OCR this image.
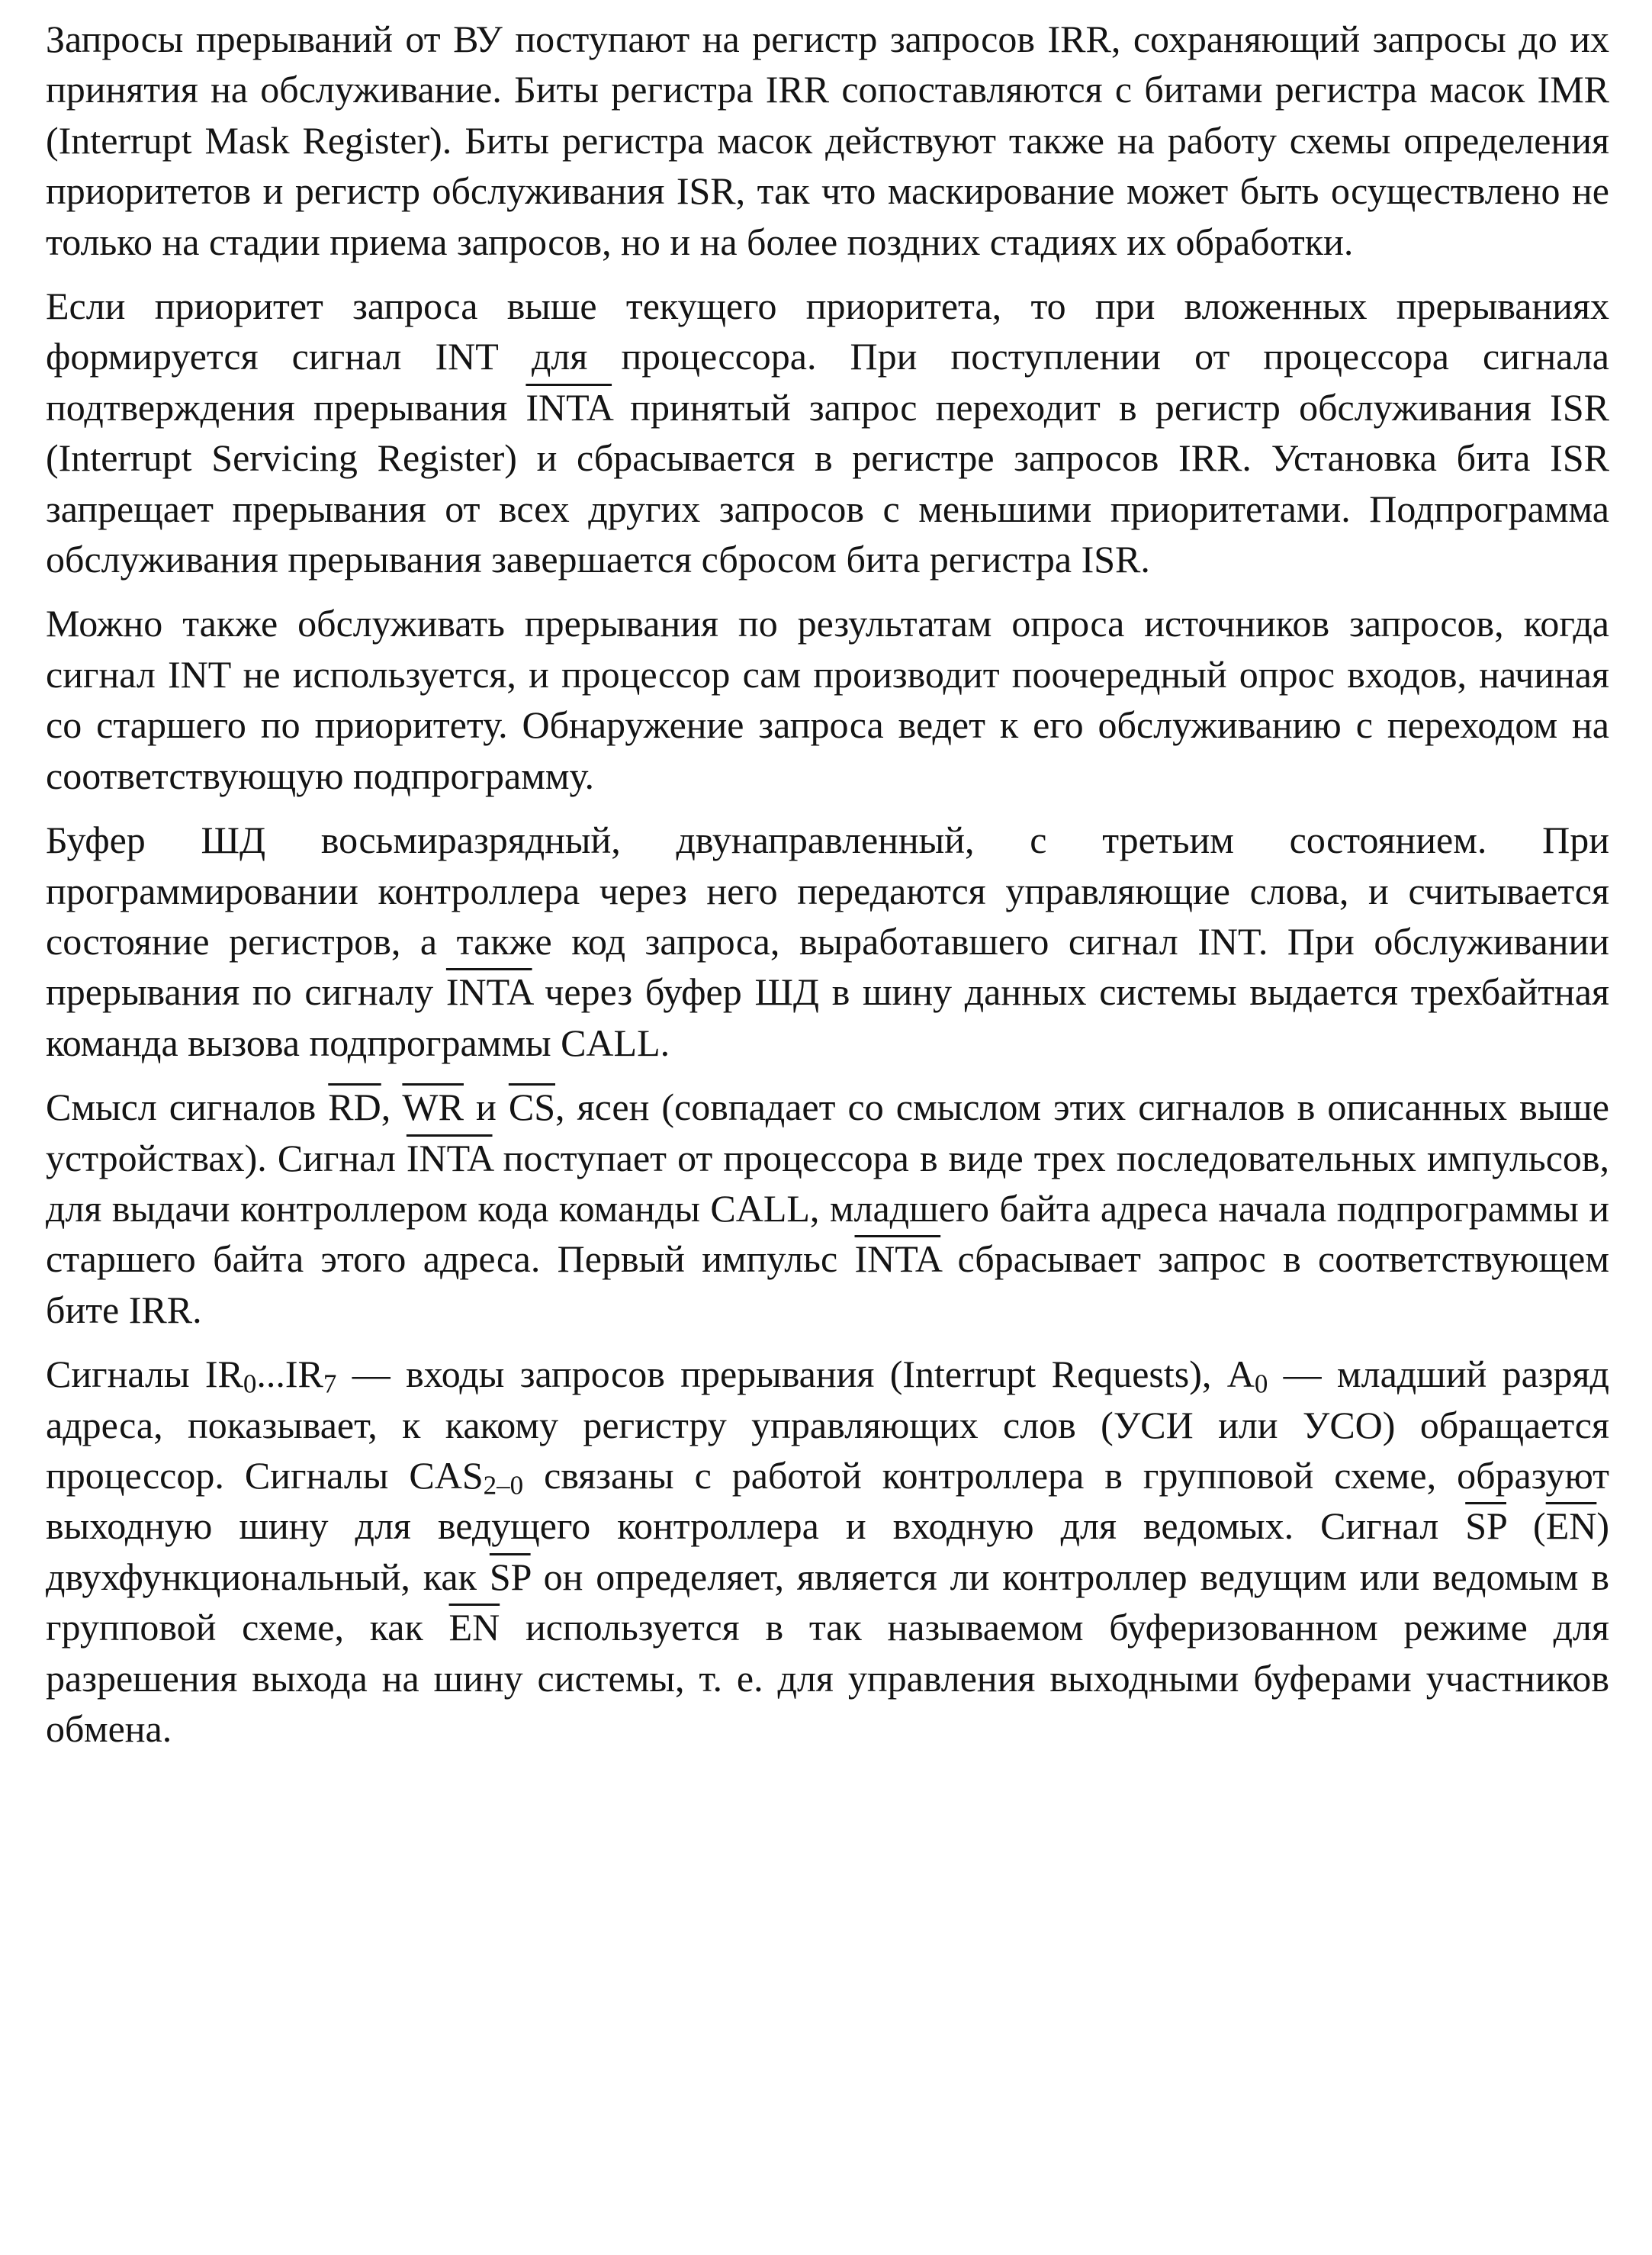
Запросы прерываний от ВУ поступают на регистр запросов IRR, сохраняющий запросы до их принятия на обслуживание. Биты регистра IRR сопоставляются с битами регистра масок IMR (Interrupt Mask Register). Биты регистра масок действуют также на работу схемы определения приоритетов и регистр обслуживания ISR, так что маскирование может быть осуществлено не только на стадии приема запросов, но и на более поздних стадиях их обработки.

Если приоритет запроса выше текущего приоритета, то при вложенных прерываниях формируется сигнал INT для процессора. При поступлении от процессора сигнала подтверждения прерывания INTA принятый запрос переходит в регистр обслуживания ISR (Interrupt Servicing Register) и сбрасывается в регистре запросов IRR. Установка бита ISR запрещает прерывания от всех других запросов с меньшими приоритетами. Подпрограмма обслуживания прерывания завершается сбросом бита регистра ISR.

Можно также обслуживать прерывания по результатам опроса источников запросов, когда сигнал INT не используется, и процессор сам производит поочередный опрос входов, начиная со старшего по приоритету. Обнаружение запроса ведет к его обслуживанию с переходом на соответствующую подпрограмму.

Буфер ШД восьмиразрядный, двунаправленный, с третьим состоянием. При программировании контроллера через него передаются управляющие слова, и считывается состояние регистров, а также код запроса, выработавшего сигнал INT. При обслуживании прерывания по сигналу INTA через буфер ШД в шину данных системы выдается трехбайтная команда вызова подпрограммы CALL.

Смысл сигналов $\overline{RD}$, $\overline{WR}$ и $\overline{CS}$, ясен (совпадает со смыслом этих сигналов в описанных выше устройствах). Сигнал INTA поступает от процессора в виде трех последовательных импульсов, для выдачи контроллером кода команды CALL, младшего байта адреса начала подпрограммы и старшего байта этого адреса. Первый импульс INTA сбрасывает запрос в соответствующем бите IRR.

Сигналы $IR_0...IR_7$ — входы запросов прерывания (Interrupt Requests), $A_0$ — младший разряд адреса, показывает, к какому регистру управляющих слов (УСИ или УСО) обращается процессор. Сигналы $CAS_{2-0}$ связаны с работой контроллера в групповой схеме, образуют выходную шину для ведущего контроллера и входную для ведомых. Сигнал $\overline{SP}$ $(\overline{EN})$ двухфункциональный, как $\overline{SP}$ он определяет, является ли контроллер ведущим или ведомым в групповой схеме, как $\overline{EN}$ используется в так называемом буферизованном режиме для разрешения выхода на шину системы, т. е. для управления выходными буферами участников обмена.
